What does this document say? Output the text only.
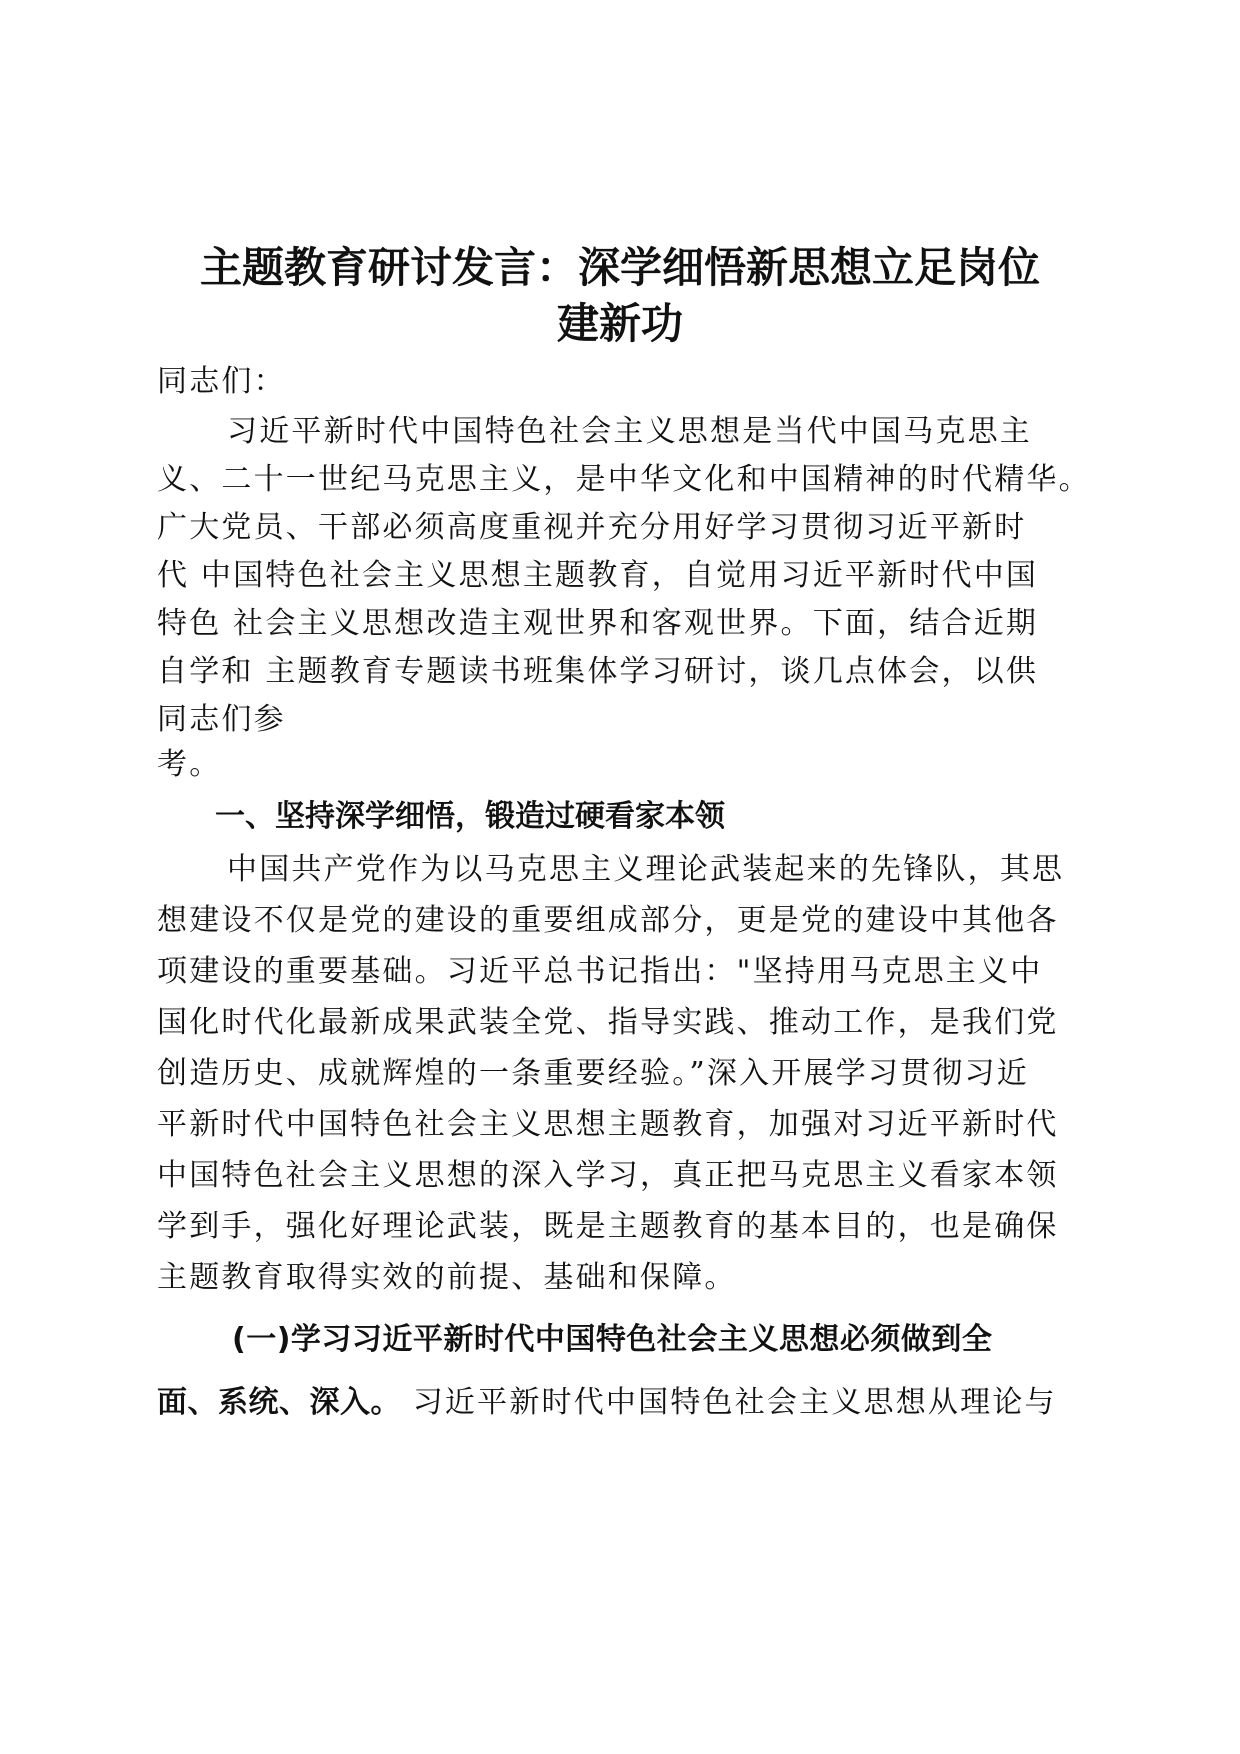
主题教育研讨发言：深学细悟新思想立足岗位
建新功
同志们：
习近平新时代中国特色社会主义思想是当代中国马克思主
义、二十一世纪马克思主义，是中华文化和中国精神的时代精华。
广大党员、干部必须高度重视并充分用好学习贯彻习近平新时
代 中国特色社会主义思想主题教育，自觉用习近平新时代中国
特色 社会主义思想改造主观世界和客观世界。下面，结合近期
自学和 主题教育专题读书班集体学习研讨，谈几点体会，以供
同志们参
考。
一、坚持深学细悟，锻造过硬看家本领
中国共产党作为以马克思主义理论武装起来的先锋队，其思
想建设不仅是党的建设的重要组成部分，更是党的建设中其他各
项建设的重要基础。习近平总书记指出："坚持用马克思主义中
国化时代化最新成果武装全党、指导实践、推动工作，是我们党
创造历史、成就辉煌的一条重要经验。”深入开展学习贯彻习近
平新时代中国特色社会主义思想主题教育，加强对习近平新时代
中国特色社会主义思想的深入学习，真正把马克思主义看家本领
学到手，强化好理论武装，既是主题教育的基本目的，也是确保
主题教育取得实效的前提、基础和保障。
(一)学习习近平新时代中国特色社会主义思想必须做到全
面、系统、深入。 习近平新时代中国特色社会主义思想从理论与
